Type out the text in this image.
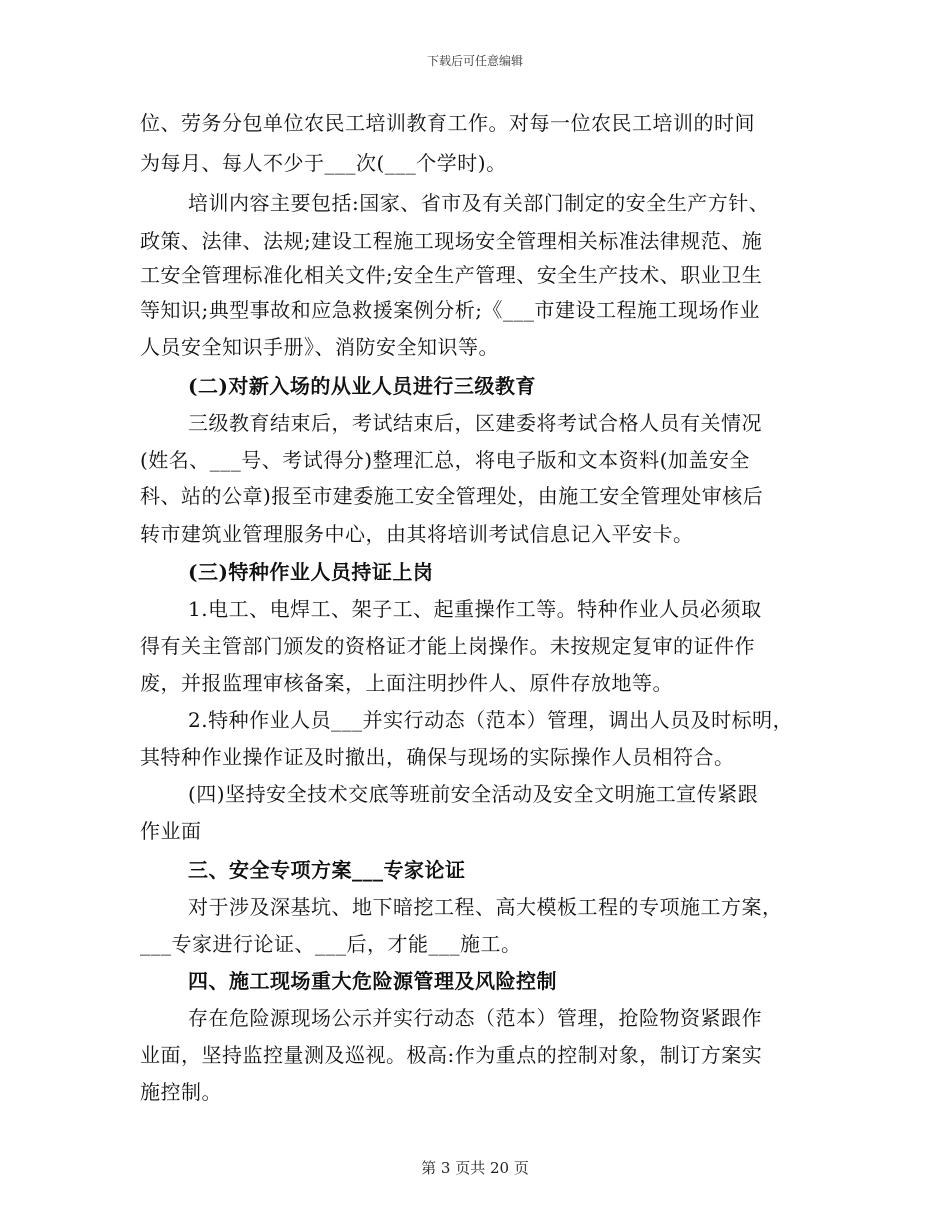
下载后可任意编辑
位、劳务分包单位农民工培训教育工作。对每一位农民工培训的时间
为每月、每人不少于___次(___个学时)。
培训内容主要包括:国家、省市及有关部门制定的安全生产方针、
政策、法律、法规;建设工程施工现场安全管理相关标准法律规范、施
工安全管理标准化相关文件;安全生产管理、安全生产技术、职业卫生
等知识;典型事故和应急救援案例分析;《___市建设工程施工现场作业
人员安全知识手册》、消防安全知识等。
(二)对新入场的从业人员进行三级教育
三级教育结束后，考试结束后，区建委将考试合格人员有关情况
(姓名、___号、考试得分)整理汇总，将电子版和文本资料(加盖安全
科、站的公章)报至市建委施工安全管理处，由施工安全管理处审核后
转市建筑业管理服务中心，由其将培训考试信息记入平安卡。
(三)特种作业人员持证上岗
1.电工、电焊工、架子工、起重操作工等。特种作业人员必须取
得有关主管部门颁发的资格证才能上岗操作。未按规定复审的证件作
废，并报监理审核备案，上面注明抄件人、原件存放地等。
2.特种作业人员___并实行动态（范本）管理，调出人员及时标明，
其特种作业操作证及时撤出，确保与现场的实际操作人员相符合。
(四)坚持安全技术交底等班前安全活动及安全文明施工宣传紧跟
作业面
三、安全专项方案___专家论证
对于涉及深基坑、地下暗挖工程、高大模板工程的专项施工方案，
___专家进行论证、___后，才能___施工。
四、施工现场重大危险源管理及风险控制
存在危险源现场公示并实行动态（范本）管理，抢险物资紧跟作
业面，坚持监控量测及巡视。极高:作为重点的控制对象，制订方案实
施控制。
第 3 页共 20 页
